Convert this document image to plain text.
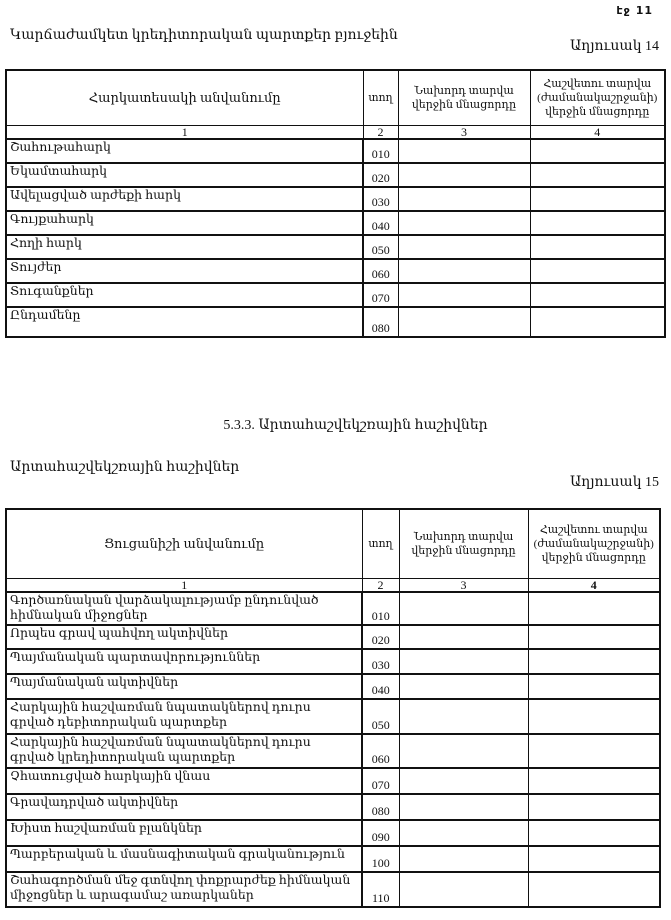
էջ 11
Կարճաժամկետ կրեդիտորական պարտքեր բյուջեին
Աղյուսակ 14
Հարկատեսակի անվանումը	տող	Նախորդ տարվա վերջին մնացորդը	Հաշվետու տարվա (ժամանակաշրջանի) վերջին մնացորդը
1	2	3	4
Շահութահարկ	010		
Եկամտահարկ	020		
Ավելացված արժեքի հարկ	030		
Գույքահարկ	040		
Հողի հարկ	050		
Տույժեր	060		
Տուգանքներ	070		
Ընդամենը	080		
5.3.3. Արտահաշվեկշռային հաշիվներ
Արտահաշվեկշռային հաշիվներ
Աղյուսակ 15
Ցուցանիշի անվանումը	տող	Նախորդ տարվա վերջին մնացորդը	Հաշվետու տարվա (ժամանակաշրջանի) վերջին մնացորդը
1	2	3	4
Գործառնական վարձակալությամբ ընդունված հիմնական միջոցներ	010		
Որպես գրավ պահվող ակտիվներ	020		
Պայմանական պարտավորություններ	030		
Պայմանական ակտիվներ	040		
Հարկային հաշվառման նպատակներով դուրս գրված դեբիտորական պարտքեր	050		
Հարկային հաշվառման նպատակներով դուրս գրված կրեդիտորական պարտքեր	060		
Չհատուցված հարկային վնաս	070		
Գրավադրված ակտիվներ	080		
Խիստ հաշվառման բլանկներ	090		
Պարբերական և մասնագիտական գրականություն	100		
Շահագործման մեջ գտնվող փոքրարժեք հիմնական միջոցներ և արագամաշ առարկաներ	110		
